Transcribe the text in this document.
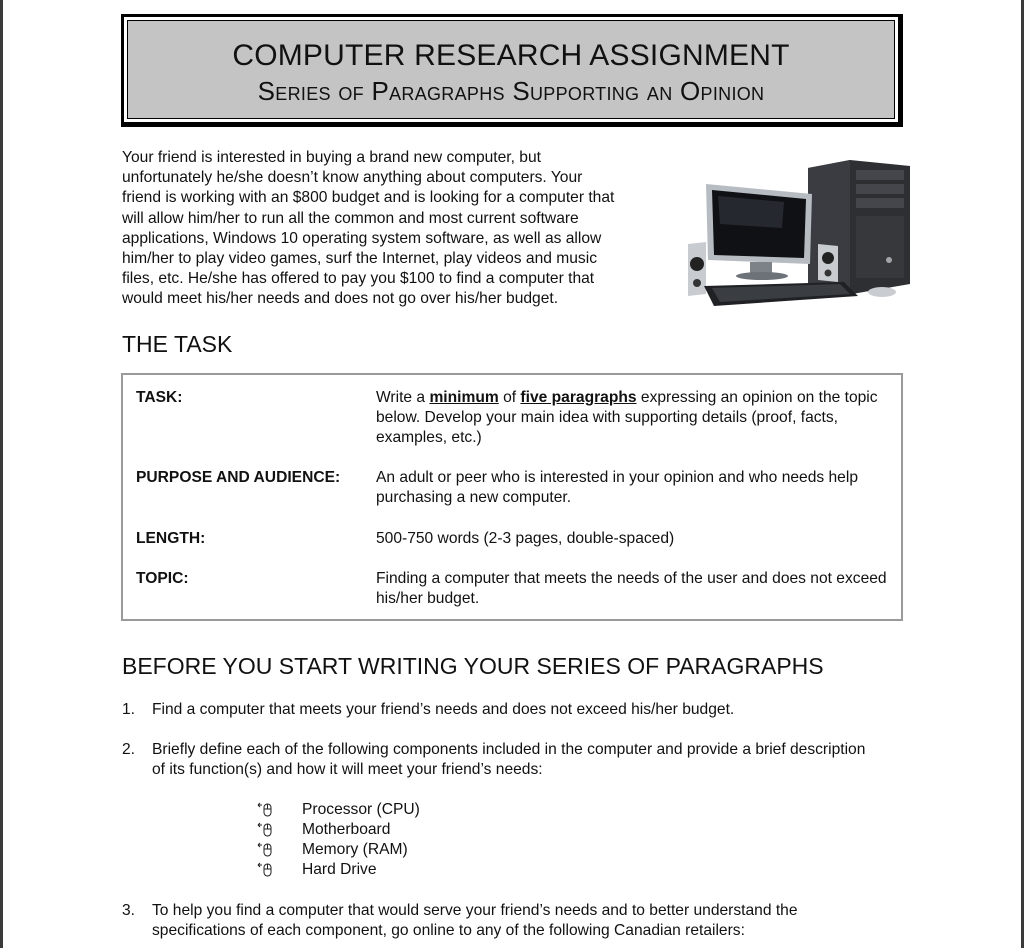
COMPUTER RESEARCH ASSIGNMENT
Series of Paragraphs Supporting an Opinion
Your friend is interested in buying a brand new computer, but
unfortunately he/she doesn’t know anything about computers. Your
friend is working with an $800 budget and is looking for a computer that
will allow him/her to run all the common and most current software
applications, Windows 10 operating system software, as well as allow
him/her to play video games, surf the Internet, play videos and music
files, etc. He/she has offered to pay you $100 to find a computer that
would meet his/her needs and does not go over his/her budget.
THE TASK
TASK:	Write a minimum of five paragraphs expressing an opinion on the topic below. Develop your main idea with supporting details (proof, facts, examples, etc.)
PURPOSE AND AUDIENCE: An adult or peer who is interested in your opinion and who needs help purchasing a new computer.
LENGTH:	500-750 words (2-3 pages, double-spaced)
TOPIC:	Finding a computer that meets the needs of the user and does not exceed his/her budget.
BEFORE YOU START WRITING YOUR SERIES OF PARAGRAPHS
1. Find a computer that meets your friend’s needs and does not exceed his/her budget.
2. Briefly define each of the following components included in the computer and provide a brief description of its function(s) and how it will meet your friend’s needs:
Processor (CPU)
Motherboard
Memory (RAM)
Hard Drive
3. To help you find a computer that would serve your friend’s needs and to better understand the specifications of each component, go online to any of the following Canadian retailers:
